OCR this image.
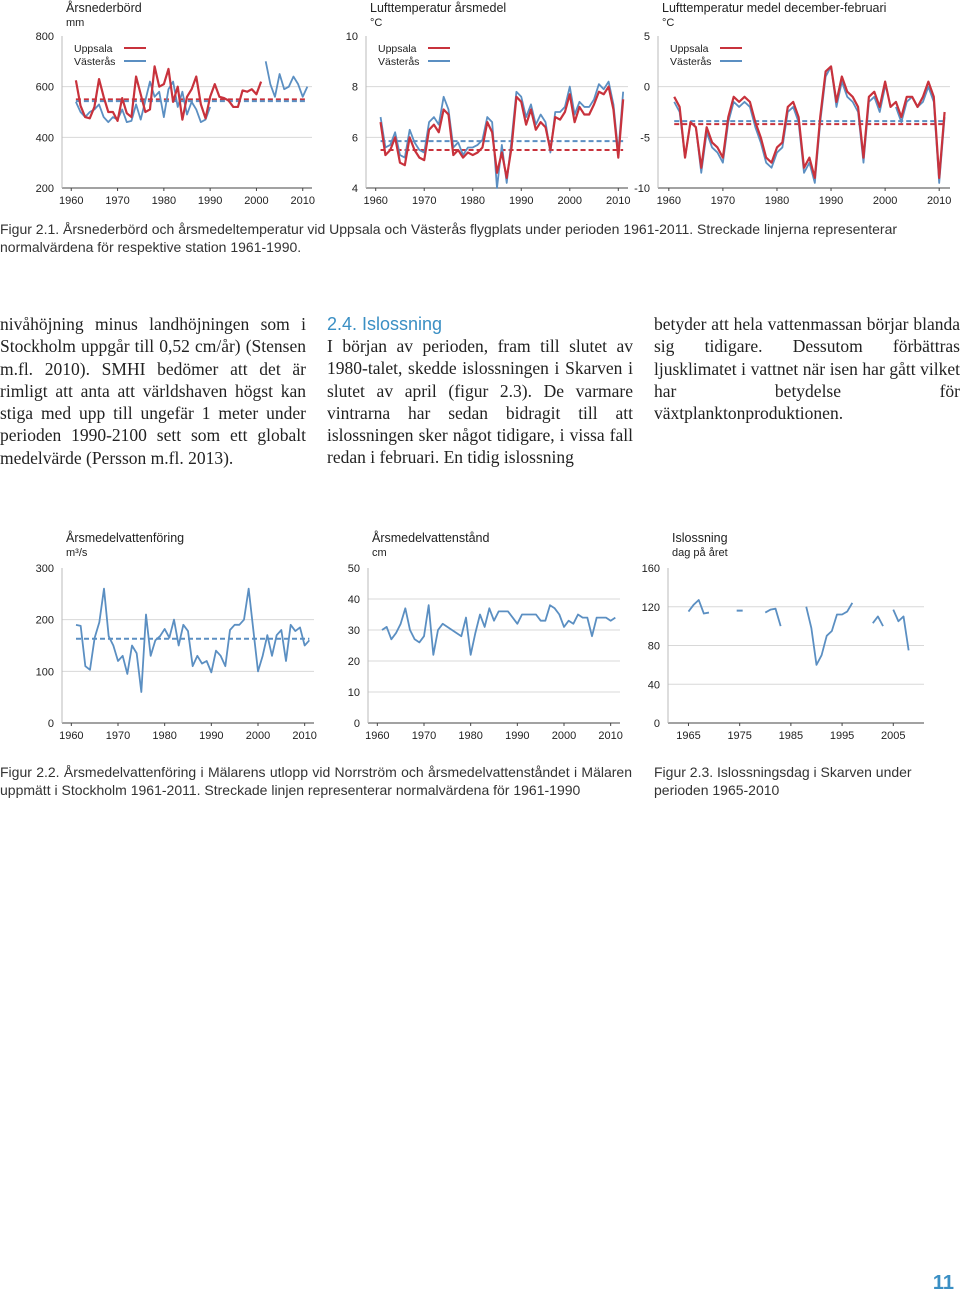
Årsnederbörd
mm
800
600
400
200
1960 1970 1980 1990 2000 2010
Uppsala
Västerås
Lufttemperatur årsmedel
°C
10
8
6
4
1960 1970 1980 1990 2000 2010
Uppsala
Västerås
Lufttemperatur medel december-februari
°C
5
0
-5
-10
1960	1970	1980	1990	2000	2010
Uppsala
Västerås
Figur 2.1. Årsnederbörd och årsmedeltemperatur vid Uppsala och Västerås flygplats under perioden 1961-2011. Streckade linjerna representerar normalvärdena för respektive station 1961-1990.

nivåhöjning minus landhöjningen som i Stockholm uppgår till 0,52 cm/år) (Stensen m.fl. 2010). SMHI bedömer att det är rimligt att anta att världshaven högst kan stiga med upp till ungefär 1 meter under perioden 1990-2100 sett som ett globalt medelvärde (Persson m.fl. 2013).

2.4. Islossning

I början av perioden, fram till slutet av 1980-talet, skedde islossningen i Skarven i slutet av april (figur 2.3). De varmare vintrarna har sedan bidragit till att islossningen sker något tidigare, i vissa fall redan i februari. En tidig islossning

betyder att hela vattenmassan börjar blanda sig tidigare. Dessutom förbättras ljusklimatet i vattnet när isen har gått vilket har betydelse för växtplanktonproduktionen.

Årsmedelvattenföring
m³/s
300
200
100
0
1960 1970 1980 1990 2000 2010
Årsmedelvattenstånd
cm
50
40
30
20
10
0
1960 1970 1980 1990 2000 2010
Islossning
dag på året
160
120
80
40
0
1965 1975 1985 1995 2005
Figur 2.2. Årsmedelvattenföring i Mälarens utlopp vid Norrström och årsmedelvattenståndet i Mälaren uppmätt i Stockholm 1961-2011. Streckade linjen representerar normalvärdena för 1961-1990
Figur 2.3. Islossningsdag i Skarven under perioden 1965-2010
11
